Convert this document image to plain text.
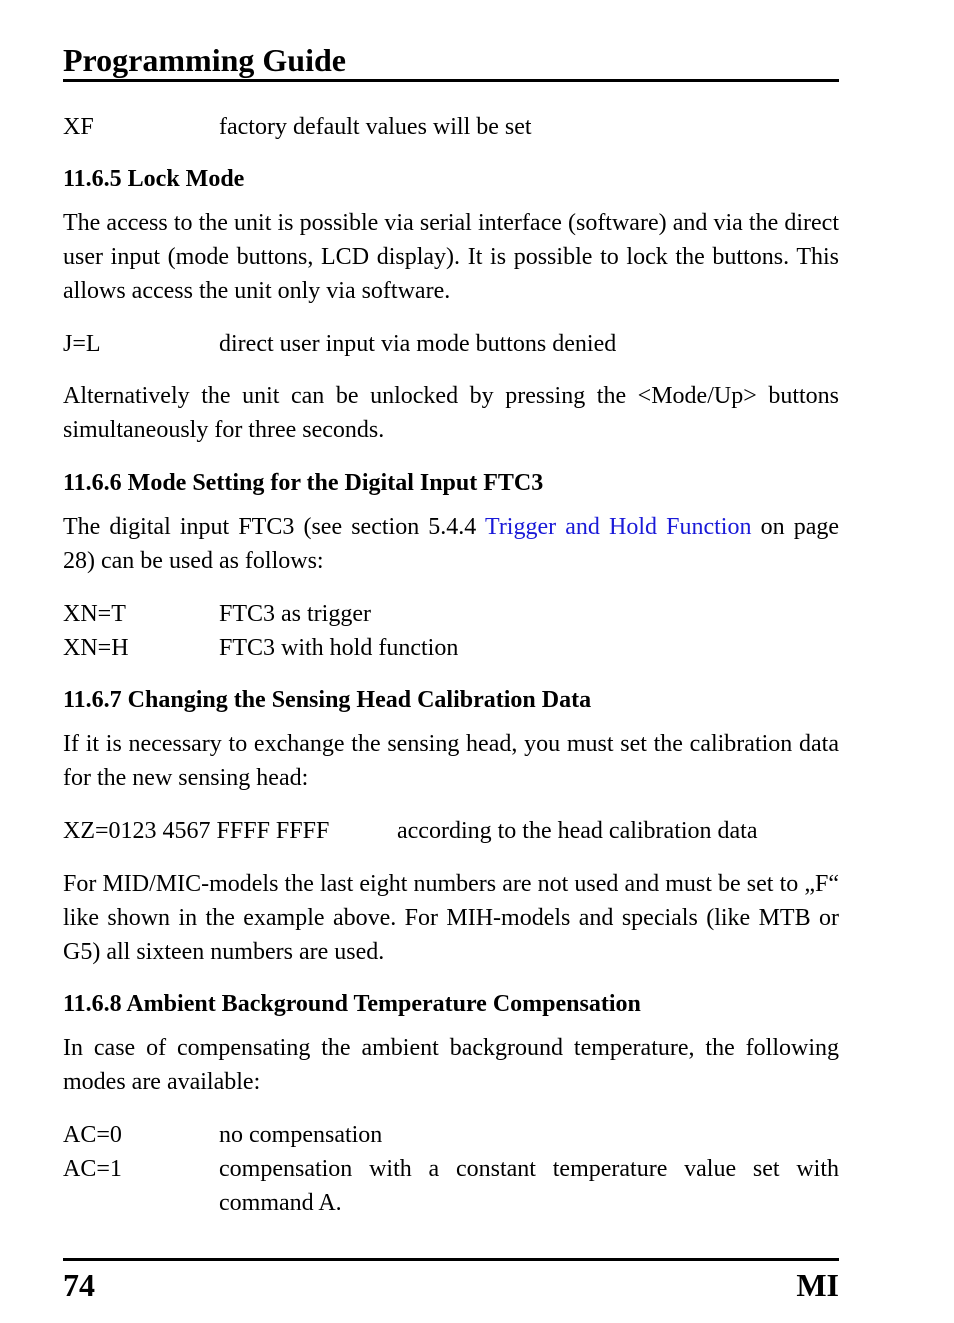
Programming Guide
XF	factory default values will be set
11.6.5 Lock Mode
The access to the unit is possible via serial interface (software) and via the direct user input (mode buttons, LCD display). It is possible to lock the buttons. This allows access the unit only via software.
J=L	direct user input via mode buttons denied
Alternatively the unit can be unlocked by pressing the <Mode/Up> buttons simultaneously for three seconds.
11.6.6 Mode Setting for the Digital Input FTC3
The digital input FTC3 (see section 5.4.4 Trigger and Hold Function on page 28) can be used as follows:
XN=T	FTC3 as trigger
XN=H	FTC3 with hold function
11.6.7 Changing the Sensing Head Calibration Data
If it is necessary to exchange the sensing head, you must set the calibration data for the new sensing head:
XZ=0123 4567 FFFF FFFF	according to the head calibration data
For MID/MIC-models the last eight numbers are not used and must be set to „F“ like shown in the example above. For MIH-models and specials (like MTB or G5) all sixteen numbers are used.
11.6.8 Ambient Background Temperature Compensation
In case of compensating the ambient background temperature, the following modes are available:
AC=0	no compensation
AC=1	compensation with a constant temperature value set with command A.
74	MI
